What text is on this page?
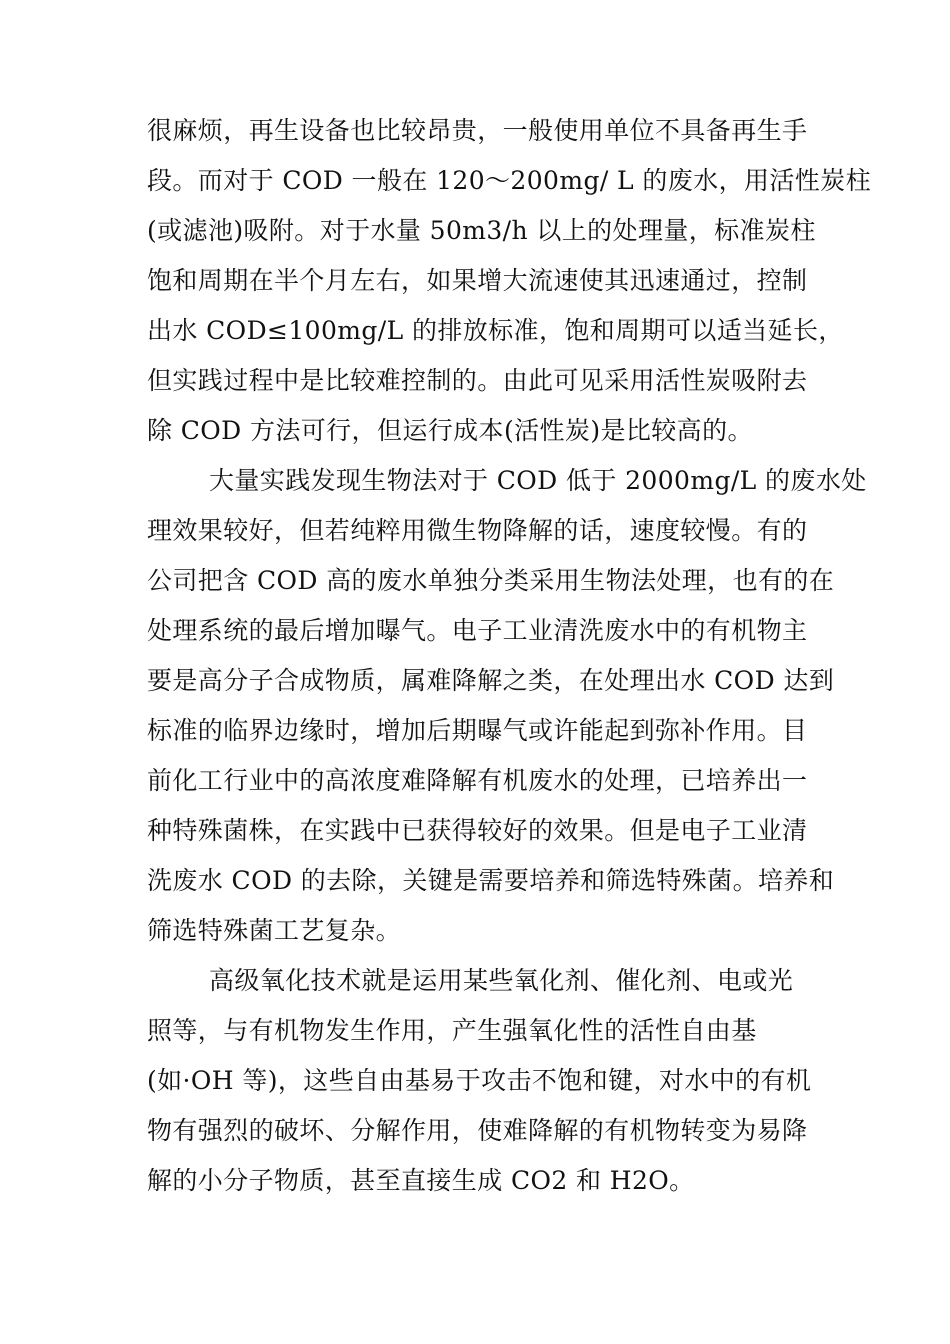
很麻烦，再生设备也比较昂贵，一般使用单位不具备再生手
段。而对于 COD 一般在 120～200mg/ L 的废水，用活性炭柱
(或滤池)吸附。对于水量 50m3/h 以上的处理量，标准炭柱
饱和周期在半个月左右，如果增大流速使其迅速通过，控制
出水 COD≤100mg/L 的排放标准，饱和周期可以适当延长，
但实践过程中是比较难控制的。由此可见采用活性炭吸附去
除 COD 方法可行，但运行成本(活性炭)是比较高的。
大量实践发现生物法对于 COD 低于 2000mg/L 的废水处
理效果较好，但若纯粹用微生物降解的话，速度较慢。有的
公司把含 COD 高的废水单独分类采用生物法处理，也有的在
处理系统的最后增加曝气。电子工业清洗废水中的有机物主
要是高分子合成物质，属难降解之类，在处理出水 COD 达到
标准的临界边缘时，增加后期曝气或许能起到弥补作用。目
前化工行业中的高浓度难降解有机废水的处理，已培养出一
种特殊菌株，在实践中已获得较好的效果。但是电子工业清
洗废水 COD 的去除，关键是需要培养和筛选特殊菌。培养和
筛选特殊菌工艺复杂。
高级氧化技术就是运用某些氧化剂、催化剂、电或光
照等，与有机物发生作用，产生强氧化性的活性自由基
(如·OH 等)，这些自由基易于攻击不饱和键，对水中的有机
物有强烈的破坏、分解作用，使难降解的有机物转变为易降
解的小分子物质，甚至直接生成 CO2 和 H2O。
